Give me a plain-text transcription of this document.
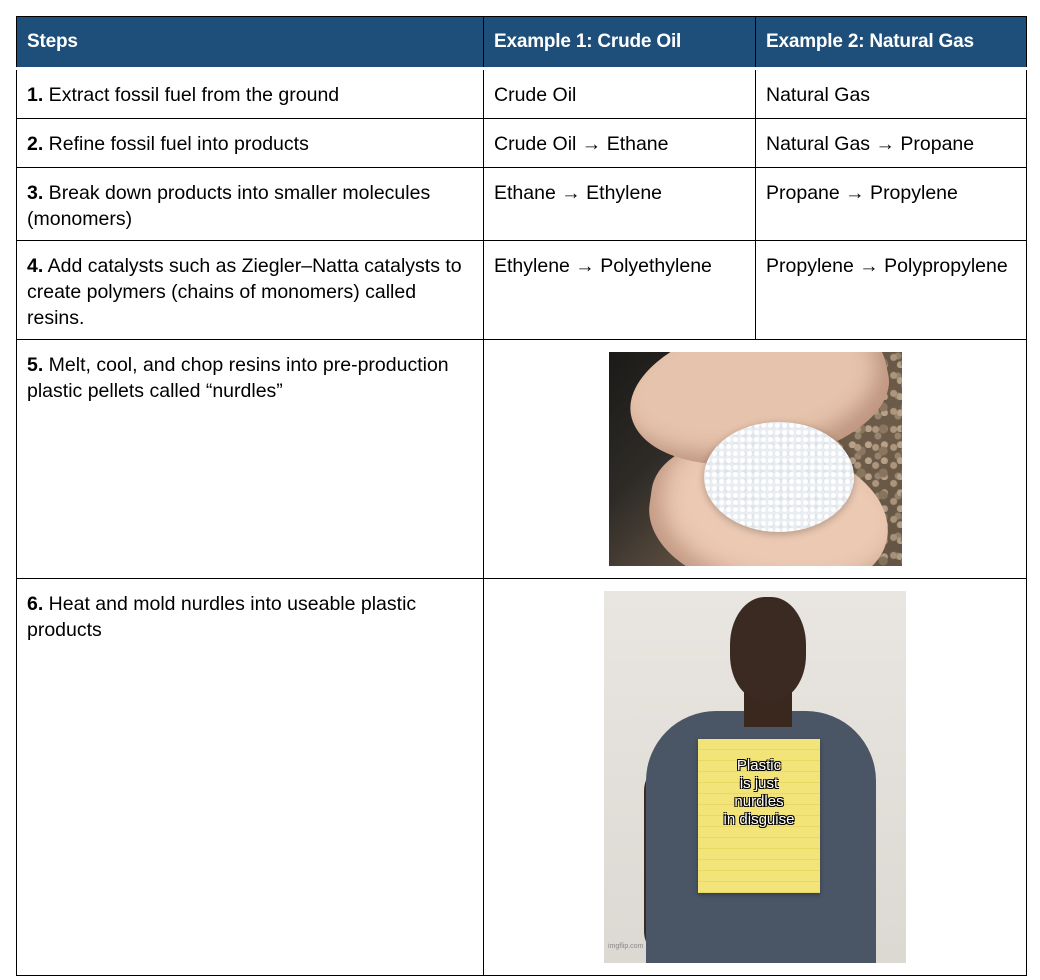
Steps	Example 1: Crude Oil	Example 2: Natural Gas
1. Extract fossil fuel from the ground	Crude Oil	Natural Gas
2. Refine fossil fuel into products	Crude Oil → Ethane	Natural Gas → Propane
3. Break down products into smaller molecules (monomers)	Ethane → Ethylene	Propane → Propylene
4. Add catalysts such as Ziegler–Natta catalysts to create polymers (chains of monomers) called resins.	Ethylene → Polyethylene	Propylene → Polypropylene
5. Melt, cool, and chop resins into pre-production plastic pellets called “nurdles”		

6. Heat and mold nurdles into useable plastic products	Plastic
is just
nurdles
in disguise
imgflip.com	
